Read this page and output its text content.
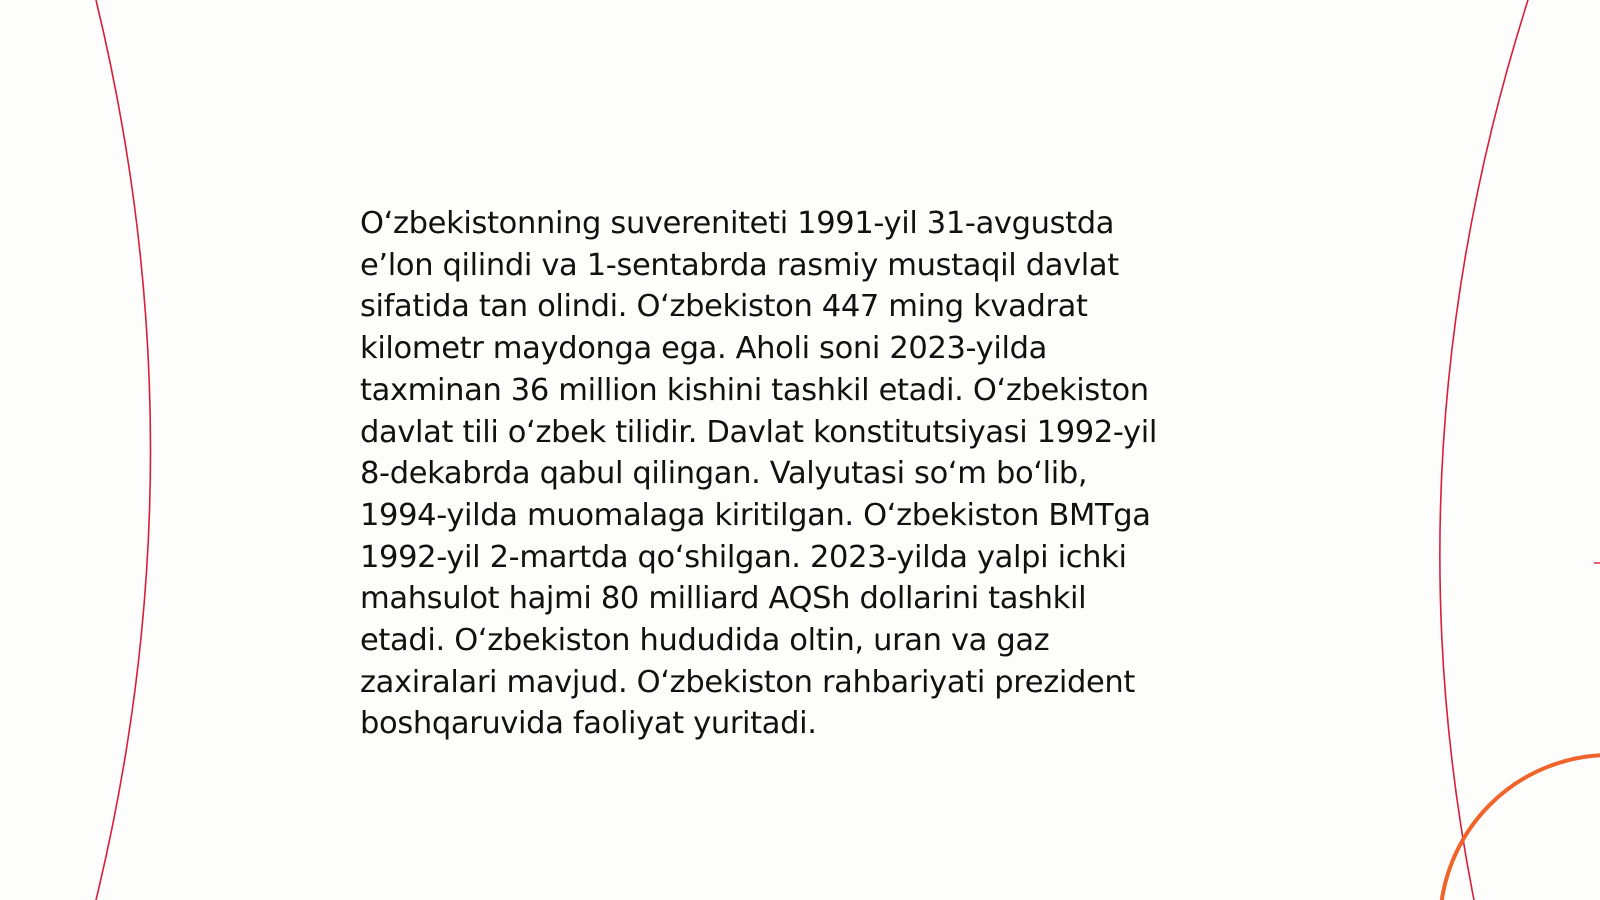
O‘zbekistonning suvereniteti 1991-yil 31-avgustda
e’lon qilindi va 1-sentabrda rasmiy mustaqil davlat
sifatida tan olindi. O‘zbekiston 447 ming kvadrat
kilometr maydonga ega. Aholi soni 2023-yilda
taxminan 36 million kishini tashkil etadi. O‘zbekiston
davlat tili o‘zbek tilidir. Davlat konstitutsiyasi 1992-yil
8-dekabrda qabul qilingan. Valyutasi so‘m bo‘lib,
1994-yilda muomalaga kiritilgan. O‘zbekiston BMTga
1992-yil 2-martda qo‘shilgan. 2023-yilda yalpi ichki
mahsulot hajmi 80 milliard AQSh dollarini tashkil
etadi. O‘zbekiston hududida oltin, uran va gaz
zaxiralari mavjud. O‘zbekiston rahbariyati prezident
boshqaruvida faoliyat yuritadi.
